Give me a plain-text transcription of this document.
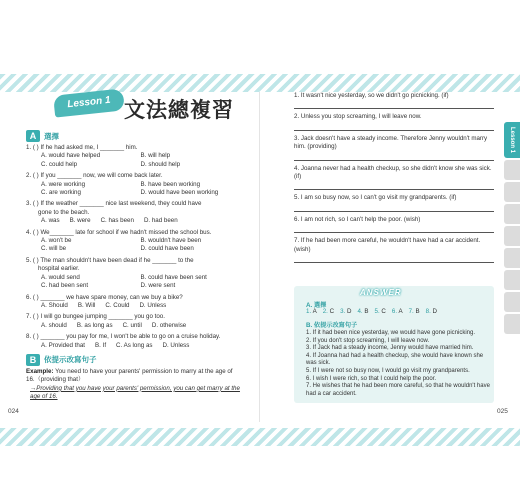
Lesson 1 文法總複習
A	選擇
1. ( ) If he had asked me, I _______ him.
A. would have helped	B. will help
C. could help	D. should help
2. ( ) If you _______ now, we will come back later.
A. were working	B. have been working
C. are working	D. would have been working
3. ( ) If the weather _______ nice last weekend, they could have
gone to the beach.
A. was B. were C. has been D. had been
4. ( ) We_______ late for school if we hadn't missed the school bus.
A. won't be	B. wouldn't have been
C. will be	D. could have been
5. ( ) The man shouldn't have been dead if he _______ to the
hospital earlier.
A. would send	B. could have been sent
C. had been sent	D. were sent
6. ( ) _______ we have spare money, can we buy a bike?
A. Should B. Will C. Could D. Unless
7. ( ) I will go bungee jumping _______ you go too.
A. should B. as long as C. until D. otherwise
8. ( ) _______ you pay for me, I won't be able to go on a cruise holiday.
A. Provided that B. If C. As long as D. Unless
B	依提示改寫句子
Example: You need to have your parents' permission to marry at the age of 16.（providing that）
→Providing that you have your parents' permission, you can get marry at the age of 16.
024
1. It wasn't nice yesterday, so we didn't go picnicking. (if)
2. Unless you stop screaming, I will leave now.
3. Jack doesn't have a steady income. Therefore Jenny wouldn't marry him. (providing)
4. Joanna never had a health checkup, so she didn't know she was sick. (if)
5. I am so busy now, so I can't go visit my grandparents. (if)
6. I am not rich, so I can't help the poor. (wish)
7. If he had been more careful, he wouldn't have had a car accident. (wish)
ANSWER
A. 選擇
1. A 2. C 3. D 4. B 5. C 6. A 7. B 8. D
B. 依提示改寫句子
1. If it had been nice yesterday, we would have gone picnicking.
2. If you don't stop screaming, I will leave now.
3. If Jack had a steady income, Jenny would have married him.
4. If Joanna had had a health checkup, she would have known she was sick.
5. If I were not so busy now, I would go visit my grandparents.
6. I wish I were rich, so that I could help the poor.
7. He wishes that he had been more careful, so that he wouldn't have had a car accident.
Lesson 1
025
